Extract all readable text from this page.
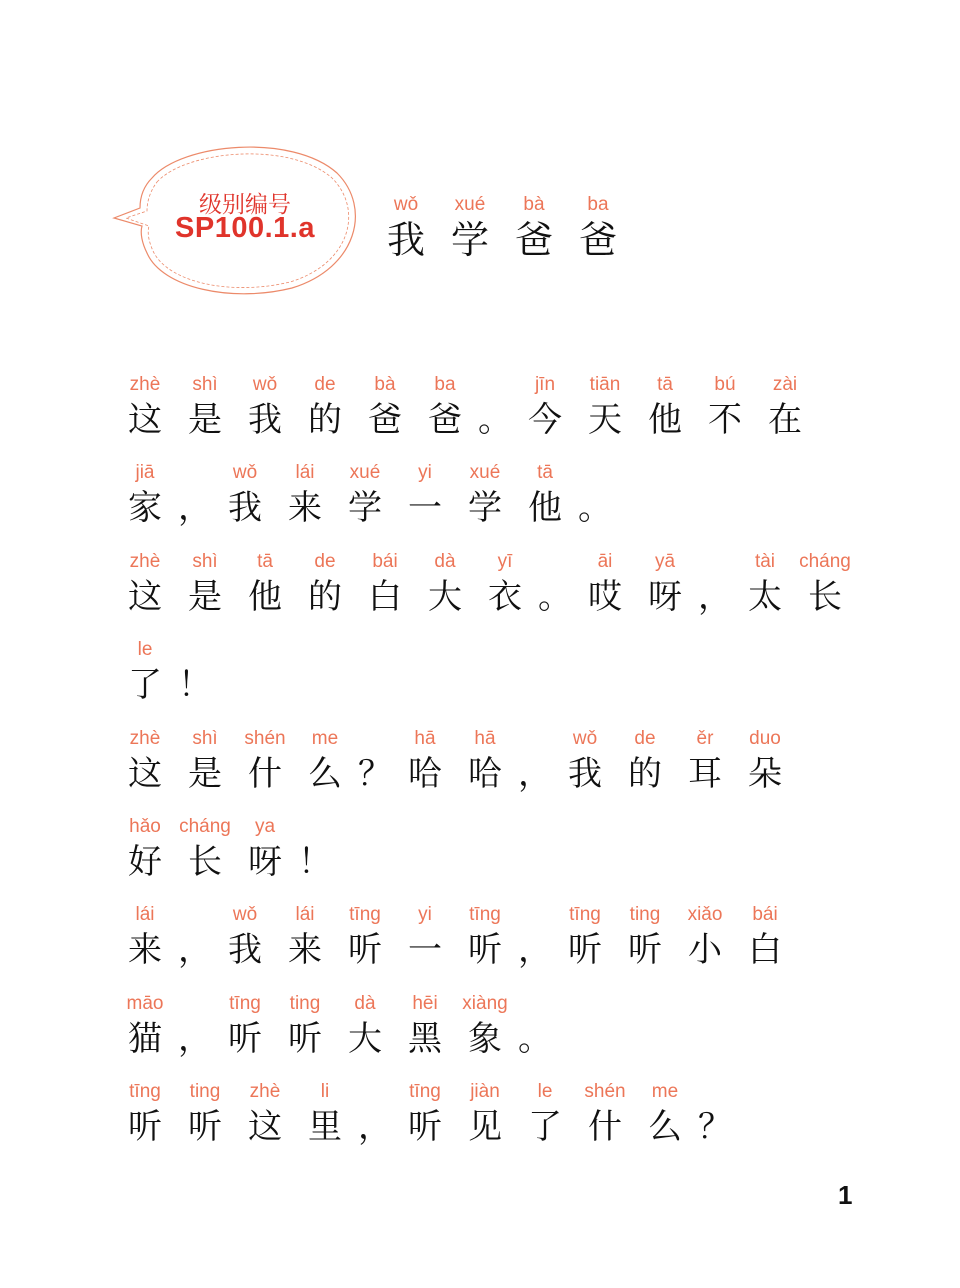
级别编号
SP100.1.a
wǒ
我
xué
学
bà
爸
ba
爸
zhè
这
shì
是
wǒ
我
de
的
bà
爸
ba
爸 。
jīn
今
tiān
天
tā
他
bú
不
zài
在
jiā
家 ，
wǒ
我
lái
来
xué
学
yi
一
xué
学
tā
他 。
zhè
这
shì
是
tā
他
de
的
bái
白
dà
大
yī
衣 。
āi
哎
yā
呀 ，
tài
太
cháng
长
le
了 ！
zhè
这
shì
是
shén
什
me
么 ？
hā
哈
hā
哈 ，
wǒ
我
de
的
ěr
耳
duo
朵
hǎo
好
cháng
长
ya
呀 ！
lái
来 ，
wǒ
我
lái
来
tīng
听
yi
一
tīng
听 ，
tīng
听
ting
听
xiǎo
小
bái
白
māo
猫 ，
tīng
听
ting
听
dà
大
hēi
黑
xiàng
象 。
tīng
听
ting
听
zhè
这
li
里 ，
tīng
听
jiàn
见
le
了
shén
什
me
么 ？
1
